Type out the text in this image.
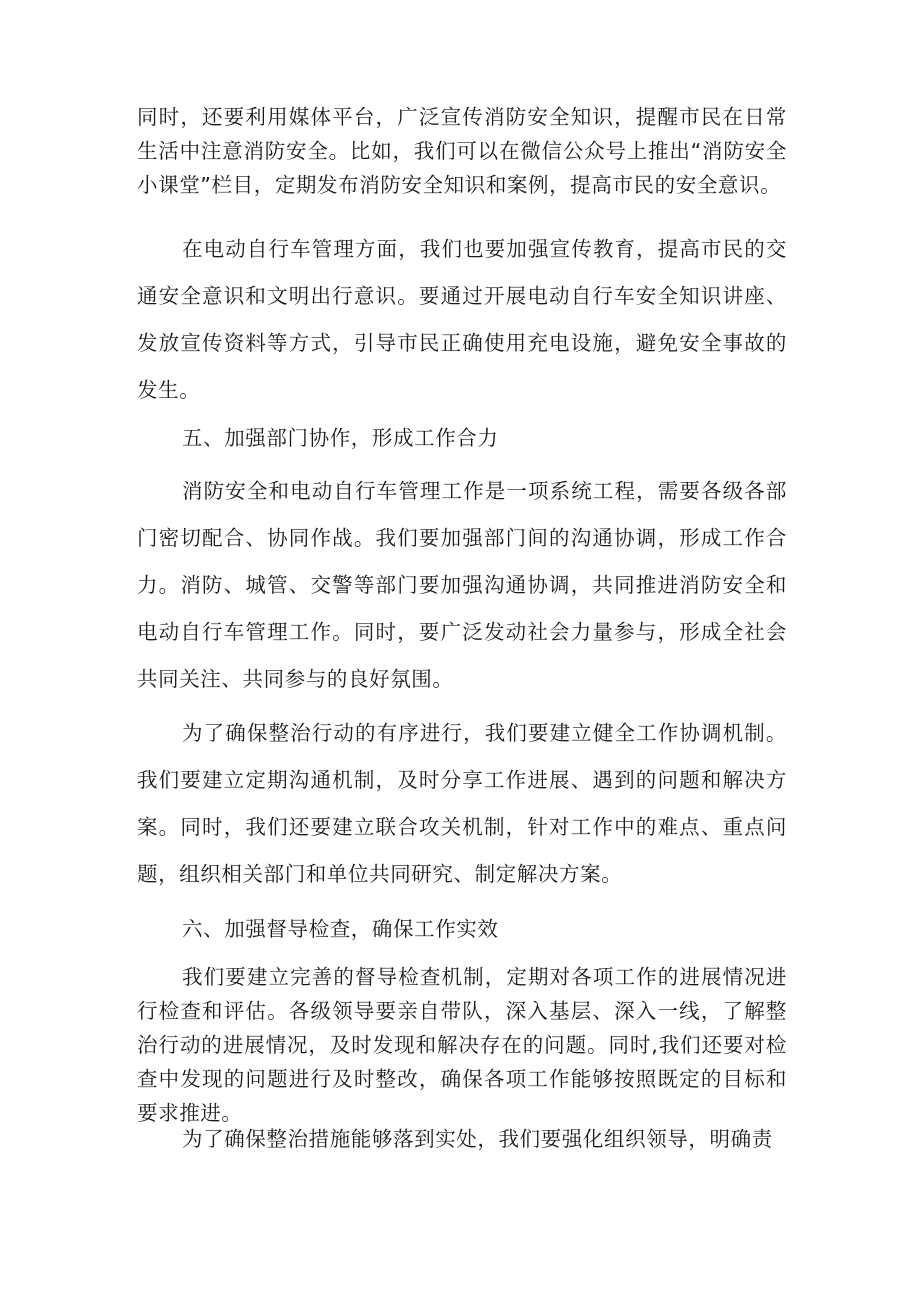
同时，还要利用媒体平台，广泛宣传消防安全知识，提醒市民在日常生活中注意消防安全。比如，我们可以在微信公众号上推出“消防安全小课堂”栏目，定期发布消防安全知识和案例，提高市民的安全意识。

在电动自行车管理方面，我们也要加强宣传教育，提高市民的交通安全意识和文明出行意识。要通过开展电动自行车安全知识讲座、发放宣传资料等方式，引导市民正确使用充电设施，避免安全事故的发生。

五、加强部门协作，形成工作合力

消防安全和电动自行车管理工作是一项系统工程，需要各级各部门密切配合、协同作战。我们要加强部门间的沟通协调，形成工作合力。消防、城管、交警等部门要加强沟通协调，共同推进消防安全和电动自行车管理工作。同时，要广泛发动社会力量参与，形成全社会共同关注、共同参与的良好氛围。

为了确保整治行动的有序进行，我们要建立健全工作协调机制。我们要建立定期沟通机制，及时分享工作进展、遇到的问题和解决方案。同时，我们还要建立联合攻关机制，针对工作中的难点、重点问题，组织相关部门和单位共同研究、制定解决方案。

六、加强督导检查，确保工作实效

我们要建立完善的督导检查机制，定期对各项工作的进展情况进行检查和评估。各级领导要亲自带队，深入基层、深入一线，了解整治行动的进展情况，及时发现和解决存在的问题。同时,我们还要对检查中发现的问题进行及时整改，确保各项工作能够按照既定的目标和要求推进。

为了确保整治措施能够落到实处，我们要强化组织领导，明确责
